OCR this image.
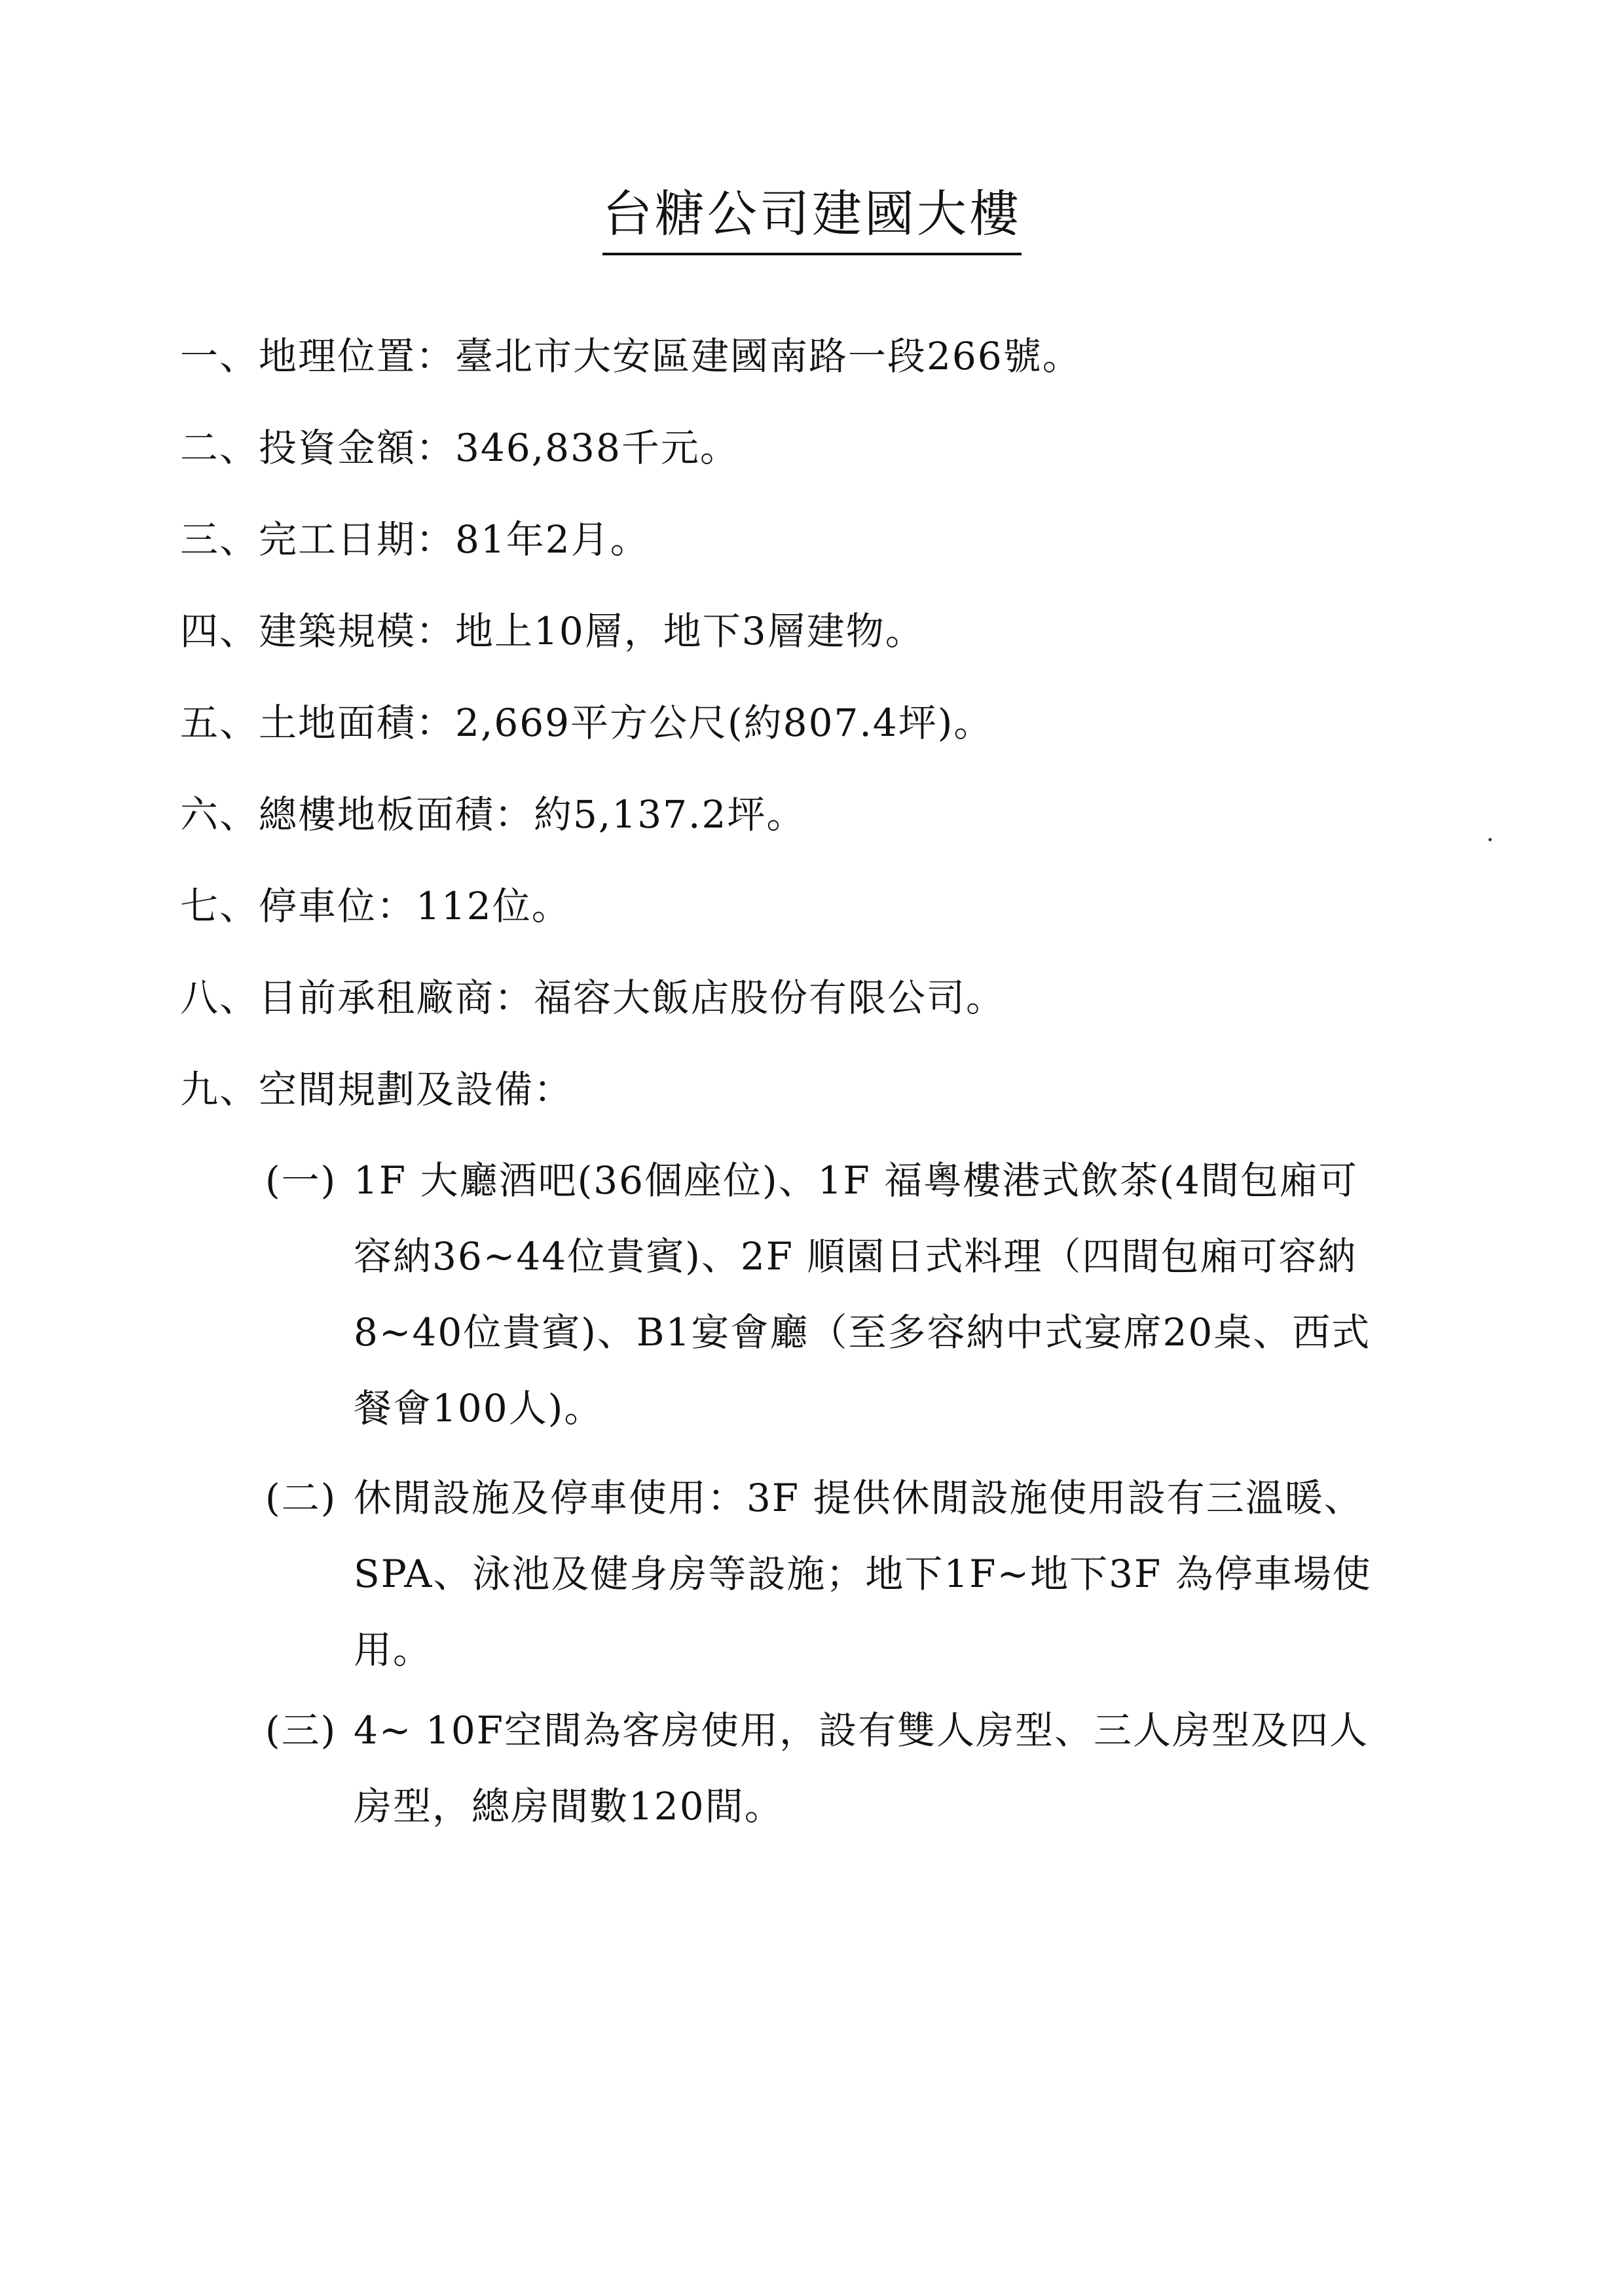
台糖公司建國大樓
一、地理位置：臺北市大安區建國南路一段266號。
二、投資金額：346,838千元。
三、完工日期：81年2月。
四、建築規模：地上10層，地下3層建物。
五、土地面積：2,669平方公尺(約807.4坪)。
六、總樓地板面積：約5,137.2坪。
七、停車位：112位。
八、目前承租廠商：福容大飯店股份有限公司。
九、空間規劃及設備：
(一) 1F 大廳酒吧(36個座位)、1F 福粵樓港式飲茶(4間包廂可
容納36~44位貴賓)、2F 順園日式料理（四間包廂可容納
8~40位貴賓)、B1宴會廳（至多容納中式宴席20桌、西式
餐會100人)。
(二) 休閒設施及停車使用：3F 提供休閒設施使用設有三溫暖、
SPA、泳池及健身房等設施；地下1F~地下3F 為停車場使
用。
(三) 4~ 10F空間為客房使用，設有雙人房型、三人房型及四人
房型，總房間數120間。
